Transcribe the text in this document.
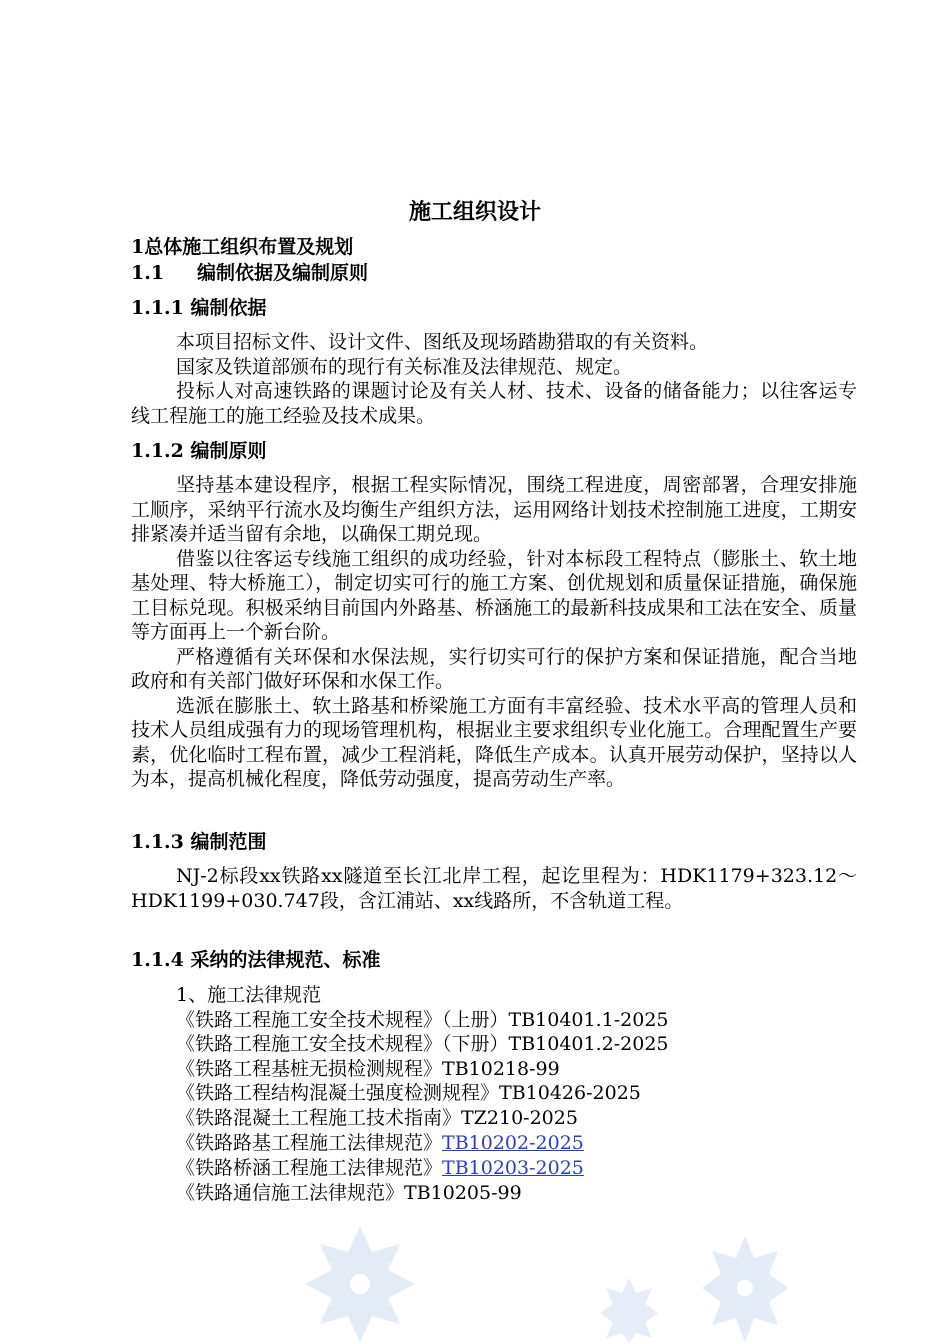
施工组织设计
1总体施工组织布置及规划
1.1 编制依据及编制原则
1.1.1 编制依据

本项目招标文件、设计文件、图纸及现场踏勘猎取的有关资料。

国家及铁道部颁布的现行有关标准及法律规范、规定。

投标人对高速铁路的课题讨论及有关人材、技术、设备的储备能力；以往客运专线工程施工的施工经验及技术成果。

1.1.2 编制原则

坚持基本建设程序，根据工程实际情况，围绕工程进度，周密部署，合理安排施工顺序，采纳平行流水及均衡生产组织方法，运用网络计划技术控制施工进度，工期安排紧凑并适当留有余地，以确保工期兑现。

借鉴以往客运专线施工组织的成功经验，针对本标段工程特点（膨胀土、软土地基处理、特大桥施工），制定切实可行的施工方案、创优规划和质量保证措施，确保施工目标兑现。积极采纳目前国内外路基、桥涵施工的最新科技成果和工法在安全、质量等方面再上一个新台阶。

严格遵循有关环保和水保法规，实行切实可行的保护方案和保证措施，配合当地政府和有关部门做好环保和水保工作。

选派在膨胀土、软土路基和桥梁施工方面有丰富经验、技术水平高的管理人员和技术人员组成强有力的现场管理机构，根据业主要求组织专业化施工。合理配置生产要素，优化临时工程布置，减少工程消耗，降低生产成本。认真开展劳动保护，坚持以人为本，提高机械化程度，降低劳动强度，提高劳动生产率。

1.1.3 编制范围

NJ-2标段xx铁路xx隧道至长江北岸工程，起讫里程为：HDK1179+323.12～HDK1199+030.747段，含江浦站、xx线路所，不含轨道工程。

1.1.4 采纳的法律规范、标准
1、施工法律规范
《铁路工程施工安全技术规程》（上册）TB10401.1-2025
《铁路工程施工安全技术规程》（下册）TB10401.2-2025
《铁路工程基桩无损检测规程》TB10218-99
《铁路工程结构混凝土强度检测规程》TB10426-2025
《铁路混凝土工程施工技术指南》TZ210-2025
《铁路路基工程施工法律规范》TB10202-2025
《铁路桥涵工程施工法律规范》TB10203-2025
《铁路通信施工法律规范》TB10205-99
